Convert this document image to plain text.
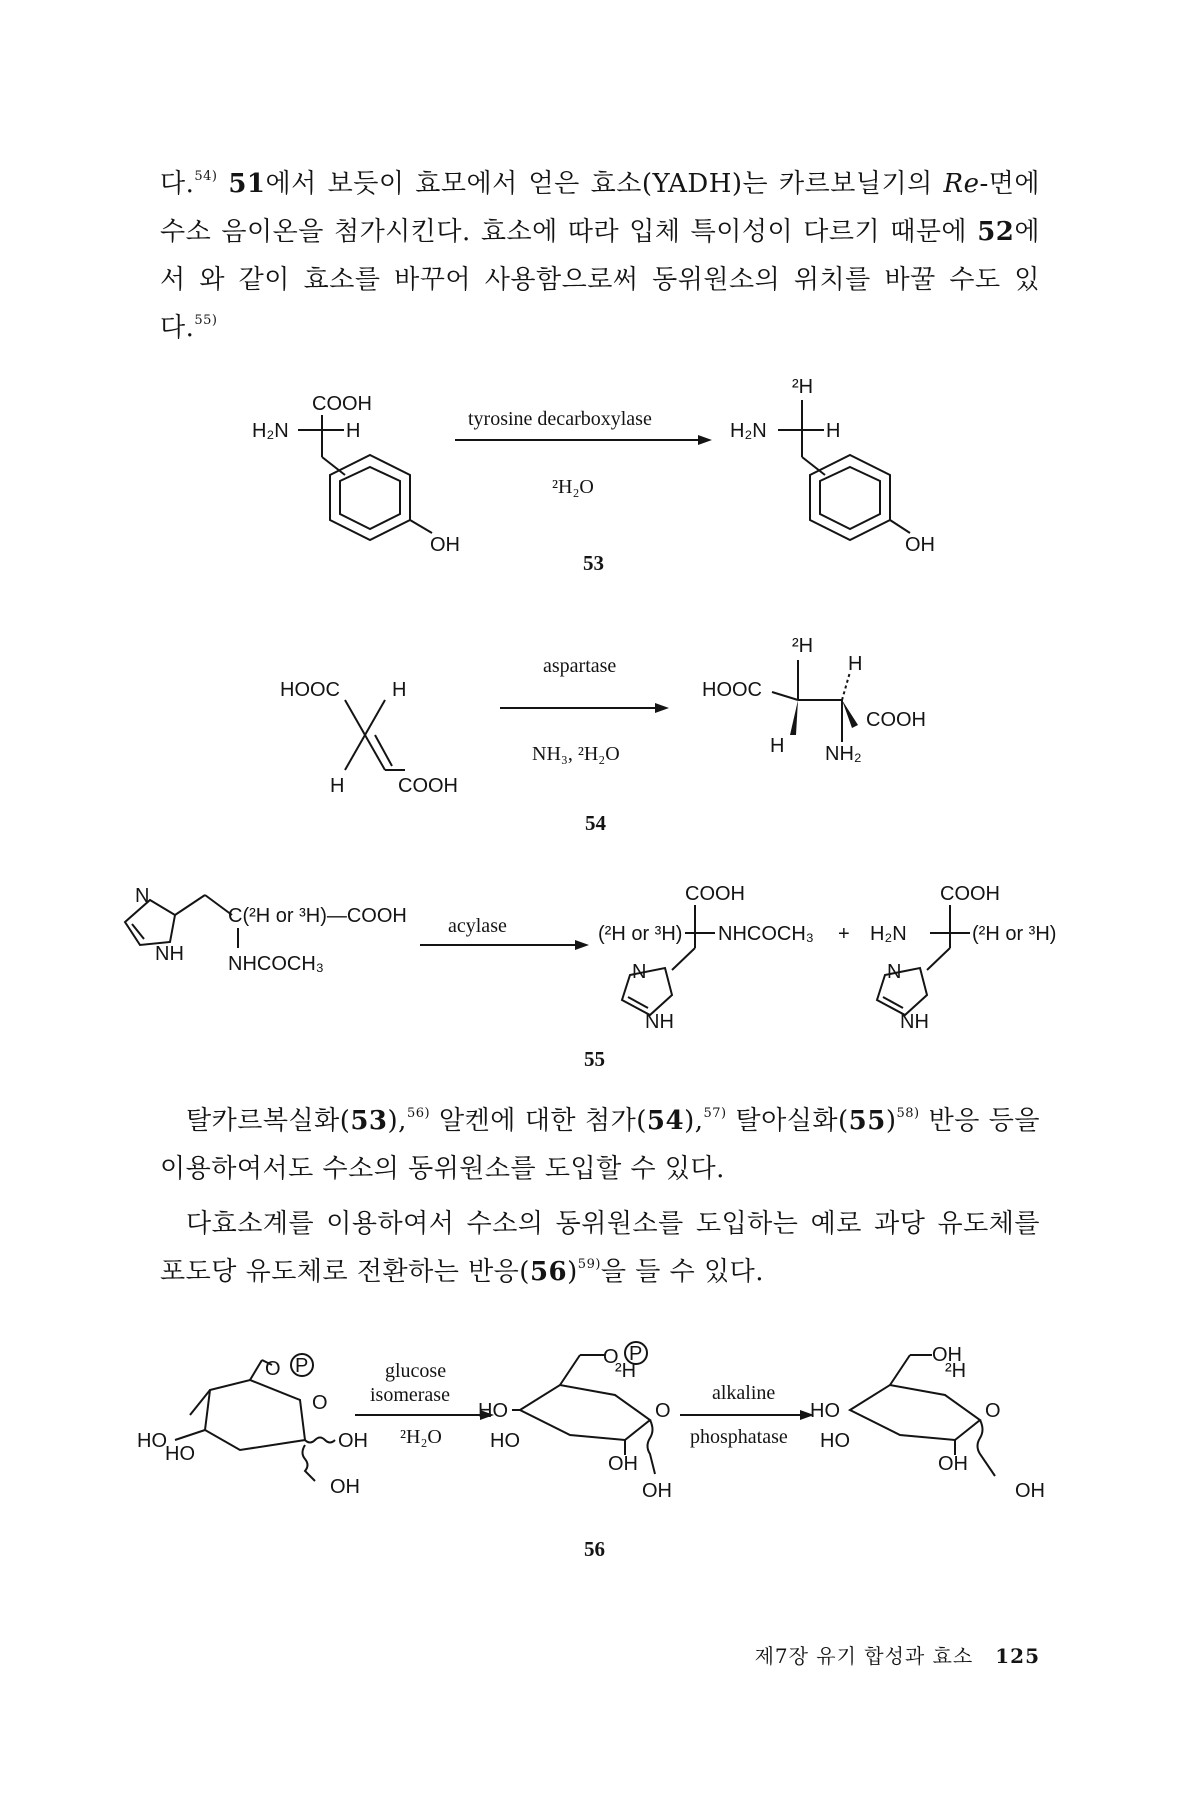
다.$^{54)}$ 51에서 보듯이 효모에서 얻은 효소(YADH)는 카르보닐기의 Re-면에 수소 음이온을 첨가시킨다. 효소에 따라 입체 특이성이 다르기 때문에 52에서 와 같이 효소를 바꾸어 사용함으로써 동위원소의 위치를 바꿀 수도 있다.$^{55)}$

COOH
H₂N	H
OH
tyrosine decarboxylase
²H₂O
53
²H
H₂N	H
OH
HOOC	H
H	COOH
aspartase
NH₃, ²H₂O
54
²H
H
HOOC
COOH
H NH₂
N
NH
C(²H or ³H)—COOH
NHCOCH₃
acylase
COOH
(²H or ³H) NHCOCH₃
N
NH
+
COOH
H₂N	(²H or ³H)
N
NH
55

탈카르복실화(53),$^{56)}$ 알켄에 대한 첨가(54),$^{57)}$ 탈아실화$(55)^{58)}$ 반응 등을 이용하여서도 수소의 동위원소를 도입할 수 있다.

다효소계를 이용하여서 수소의 동위원소를 도입하는 예로 과당 유도체를 포도당 유도체로 전환하는 반응$(56)^{59)}$을 들 수 있다.

O P
O
HO
HO
OH
OH
glucose
isomerase
²H₂O
O P
²H
O
HO
HO
OH
OH
alkaline
phosphatase
OH
²H
O
HO
HO
OH
OH
56
제7장 유기 합성과 효소 125
